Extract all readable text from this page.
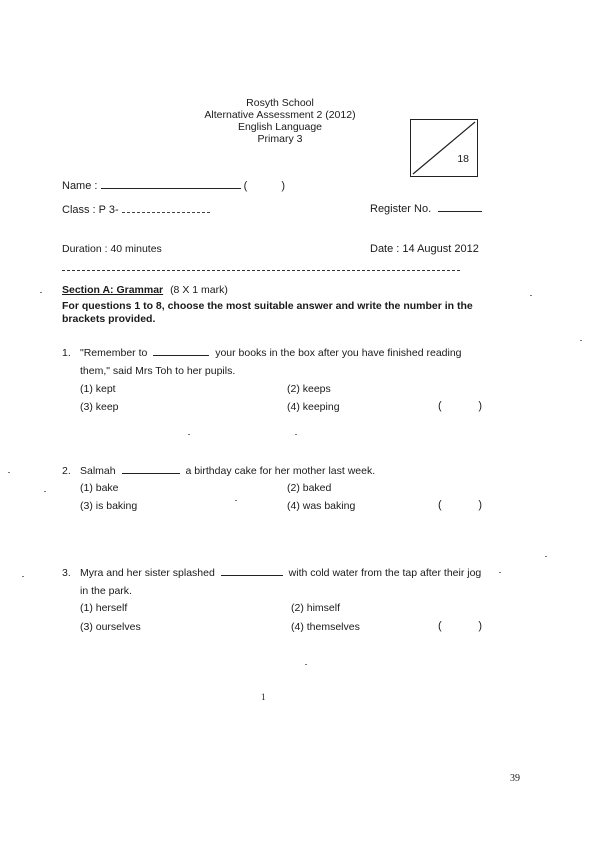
Rosyth School
Alternative Assessment 2 (2012)
English Language
Primary 3
18
Name :	(	)
Class : P 3-	Register No.
Duration : 40 minutes	Date : 14 August 2012
Section A: Grammar (8 X 1 mark)
For questions 1 to 8, choose the most suitable answer and write the number in the
brackets provided.
1. "Remember to	your books in the box after you have finished reading
them," said Mrs Toh to her pupils.
(1) kept	(2) keeps
(3) keep	(4) keeping	(	)
2. Salmah	a birthday cake for her mother last week.
(1) bake	(2) baked
(3) is baking	(4) was baking	(	)
3. Myra and her sister splashed	with cold water from the tap after their jog
in the park.
(1) herself	(2) himself
(3) ourselves	(4) themselves	(	)
1
39
